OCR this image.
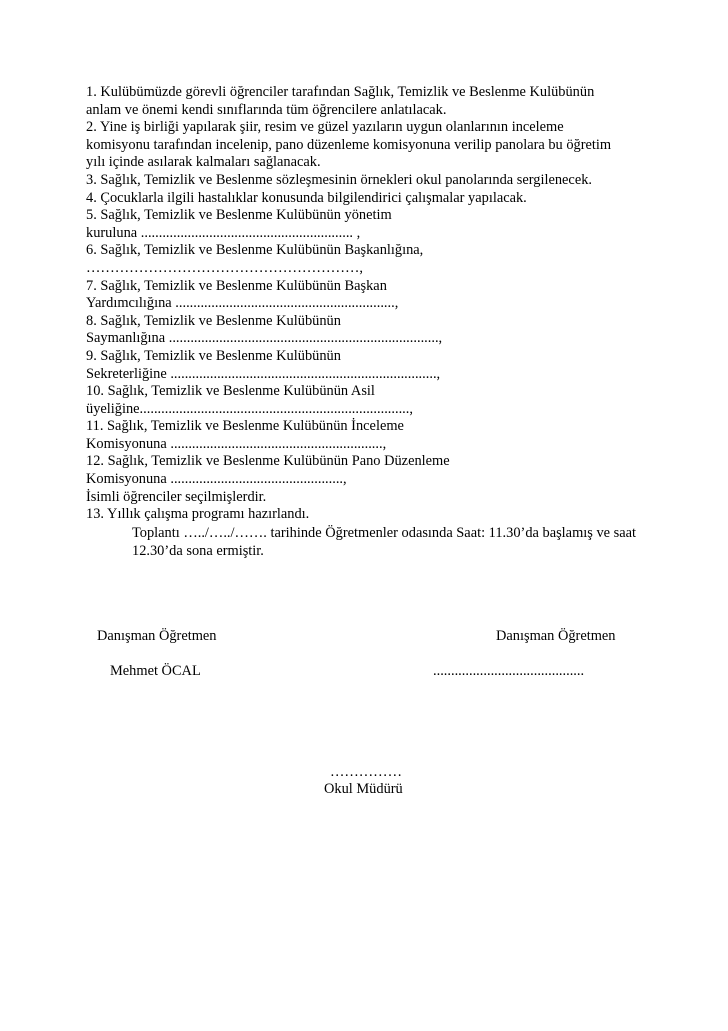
1. Kulübümüzde görevli öğrenciler tarafından Sağlık, Temizlik ve Beslenme Kulübünün
anlam ve önemi kendi sınıflarında tüm öğrencilere anlatılacak.
2. Yine iş birliği yapılarak şiir, resim ve güzel yazıların uygun olanlarının inceleme
komisyonu tarafından incelenip, pano düzenleme komisyonuna verilip panolara bu öğretim
yılı içinde asılarak kalmaları sağlanacak.
3. Sağlık, Temizlik ve Beslenme sözleşmesinin örnekleri okul panolarında sergilenecek.
4. Çocuklarla ilgili hastalıklar konusunda bilgilendirici çalışmalar yapılacak.
5. Sağlık, Temizlik ve Beslenme Kulübünün yönetim
kuruluna ........................................................... ,
6. Sağlık, Temizlik ve Beslenme Kulübünün Başkanlığına,
…………………………………………………,
7. Sağlık, Temizlik ve Beslenme Kulübünün Başkan
Yardımcılığına .............................................................,
8. Sağlık, Temizlik ve Beslenme Kulübünün
Saymanlığına ...........................................................................,
9. Sağlık, Temizlik ve Beslenme Kulübünün
Sekreterliğine ..........................................................................,
10. Sağlık, Temizlik ve Beslenme Kulübünün Asil
üyeliğine...........................................................................,
11. Sağlık, Temizlik ve Beslenme Kulübünün İnceleme
Komisyonuna ...........................................................,
12. Sağlık, Temizlik ve Beslenme Kulübünün Pano Düzenleme
Komisyonuna ................................................,
İsimli öğrenciler seçilmişlerdir.
13. Yıllık çalışma programı hazırlandı.
Toplantı …../…../……. tarihinde Öğretmenler odasında Saat: 11.30’da başlamış ve saat 12.30’da sona ermiştir.
Danışman Öğretmen
Mehmet ÖCAL
Danışman Öğretmen
..........................................
……………
Okul Müdürü
